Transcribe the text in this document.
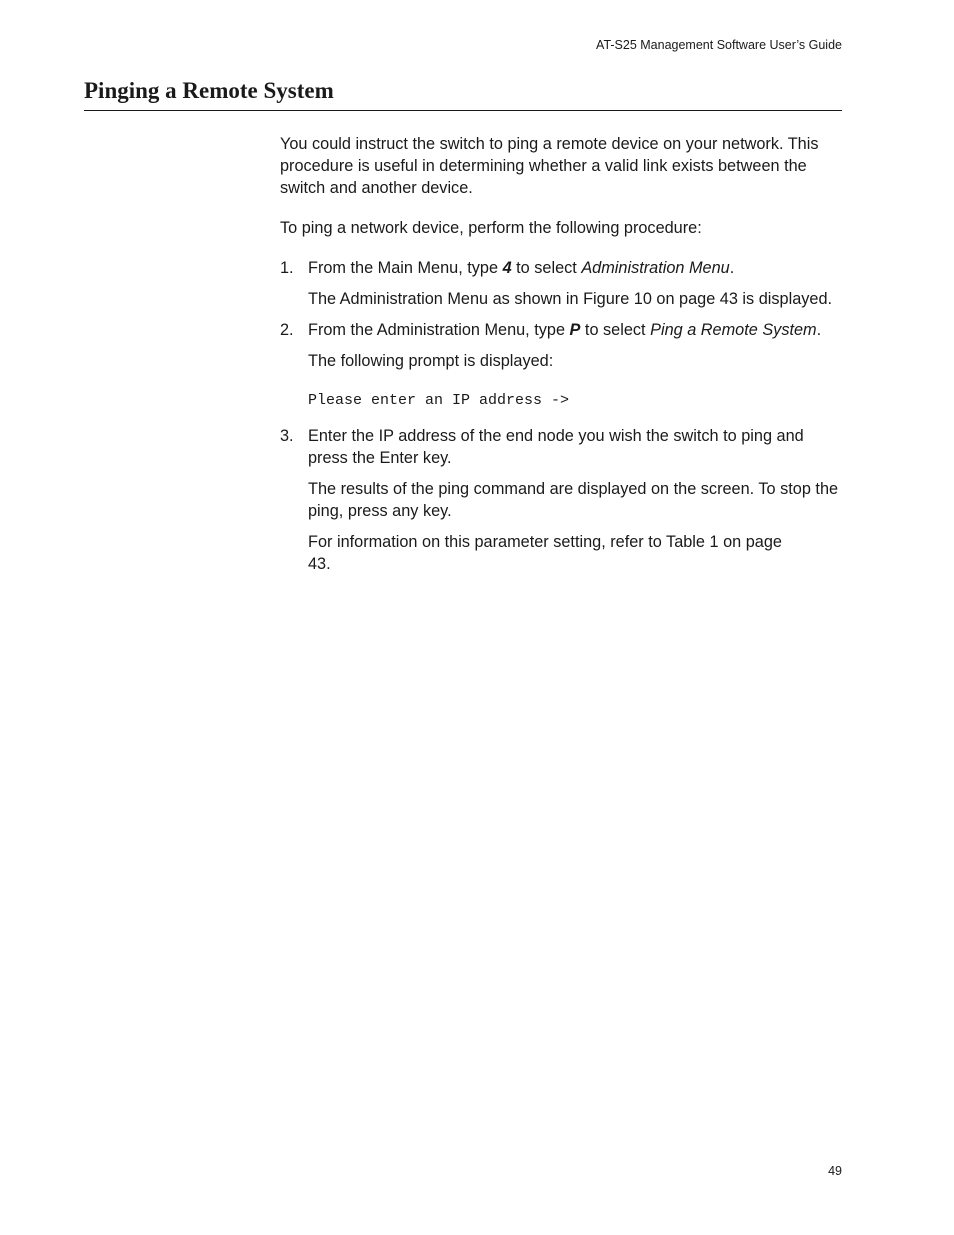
AT-S25 Management Software User’s Guide
Pinging a Remote System

You could instruct the switch to ping a remote device on your network. This procedure is useful in determining whether a valid link exists between the switch and another device.

To ping a network device, perform the following procedure:

1. From the Main Menu, type 4 to select Administration Menu.

The Administration Menu as shown in Figure 10 on page 43 is displayed.

2. From the Administration Menu, type P to select Ping a Remote System.

The following prompt is displayed:

Please enter an IP address ->

3. Enter the IP address of the end node you wish the switch to ping and press the Enter key.

The results of the ping command are displayed on the screen. To stop the ping, press any key.

For information on this parameter setting, refer to Table 1 on page 43.

49
